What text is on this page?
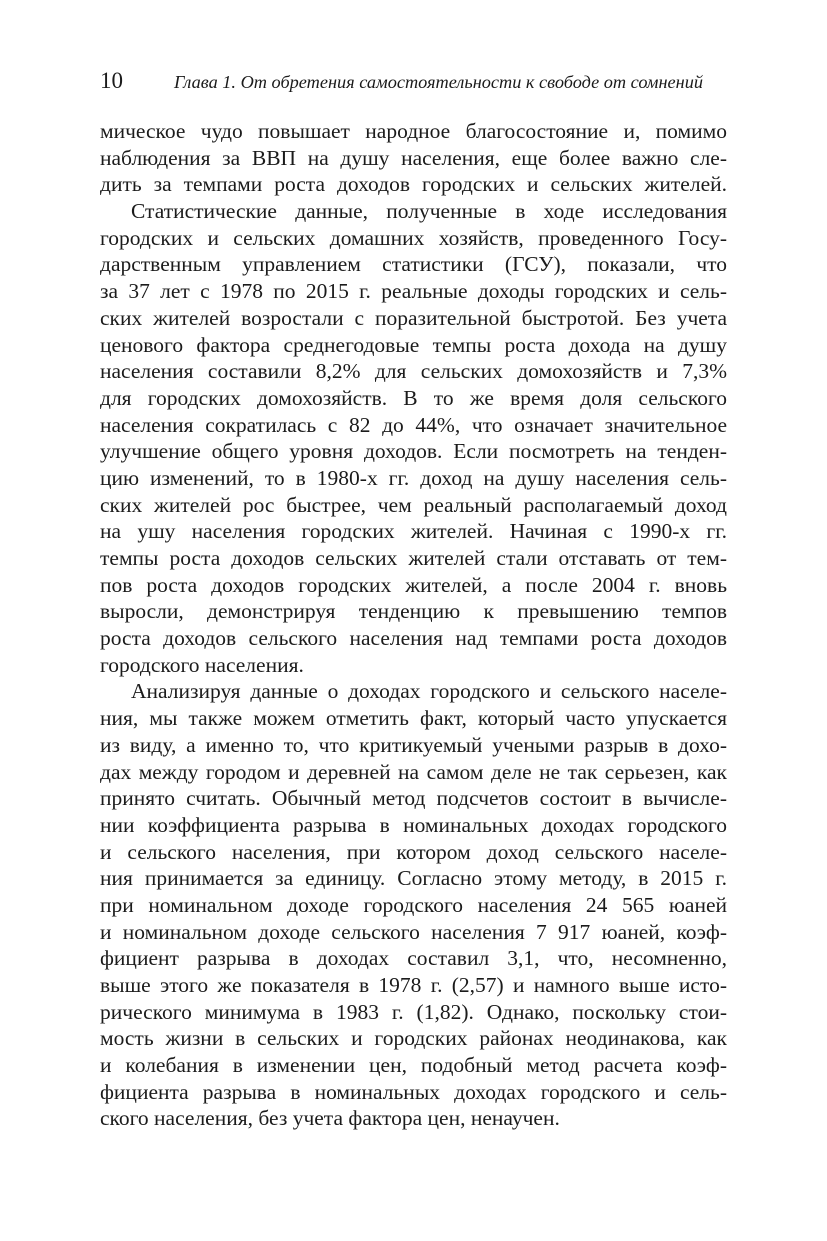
10	Глава 1. От обретения самостоятельности к свободе от сомнений
мическое чудо повышает народное благосостояние и, помимо
наблюдения за ВВП на душу населения, еще более важно сле-
дить за темпами роста доходов городских и сельских жителей.
Статистические данные, полученные в ходе исследования
городских и сельских домашних хозяйств, проведенного Госу-
дарственным управлением статистики (ГСУ), показали, что
за 37 лет с 1978 по 2015 г. реальные доходы городских и сель-
ских жителей возростали с поразительной быстротой. Без учета
ценового фактора среднегодовые темпы роста дохода на душу
населения составили 8,2% для сельских домохозяйств и 7,3%
для городских домохозяйств. В то же время доля сельского
населения сократилась с 82 до 44%, что означает значительное
улучшение общего уровня доходов. Если посмотреть на тенден-
цию изменений, то в 1980-х гг. доход на душу населения сель-
ских жителей рос быстрее, чем реальный располагаемый доход
на ушу населения городских жителей. Начиная с 1990-х гг.
темпы роста доходов сельских жителей стали отставать от тем-
пов роста доходов городских жителей, а после 2004 г. вновь
выросли, демонстрируя тенденцию к превышению темпов
роста доходов сельского населения над темпами роста доходов
городского населения.
Анализируя данные о доходах городского и сельского населе-
ния, мы также можем отметить факт, который часто упускается
из виду, а именно то, что критикуемый учеными разрыв в дохо-
дах между городом и деревней на самом деле не так серьезен, как
принято считать. Обычный метод подсчетов состоит в вычисле-
нии коэффициента разрыва в номинальных доходах городского
и сельского населения, при котором доход сельского населе-
ния принимается за единицу. Согласно этому методу, в 2015 г.
при номинальном доходе городского населения 24 565 юаней
и номинальном доходе сельского населения 7 917 юаней, коэф-
фициент разрыва в доходах составил 3,1, что, несомненно,
выше этого же показателя в 1978 г. (2,57) и намного выше исто-
рического минимума в 1983 г. (1,82). Однако, поскольку стои-
мость жизни в сельских и городских районах неодинакова, как
и колебания в изменении цен, подобный метод расчета коэф-
фициента разрыва в номинальных доходах городского и сель-
ского населения, без учета фактора цен, ненаучен.
